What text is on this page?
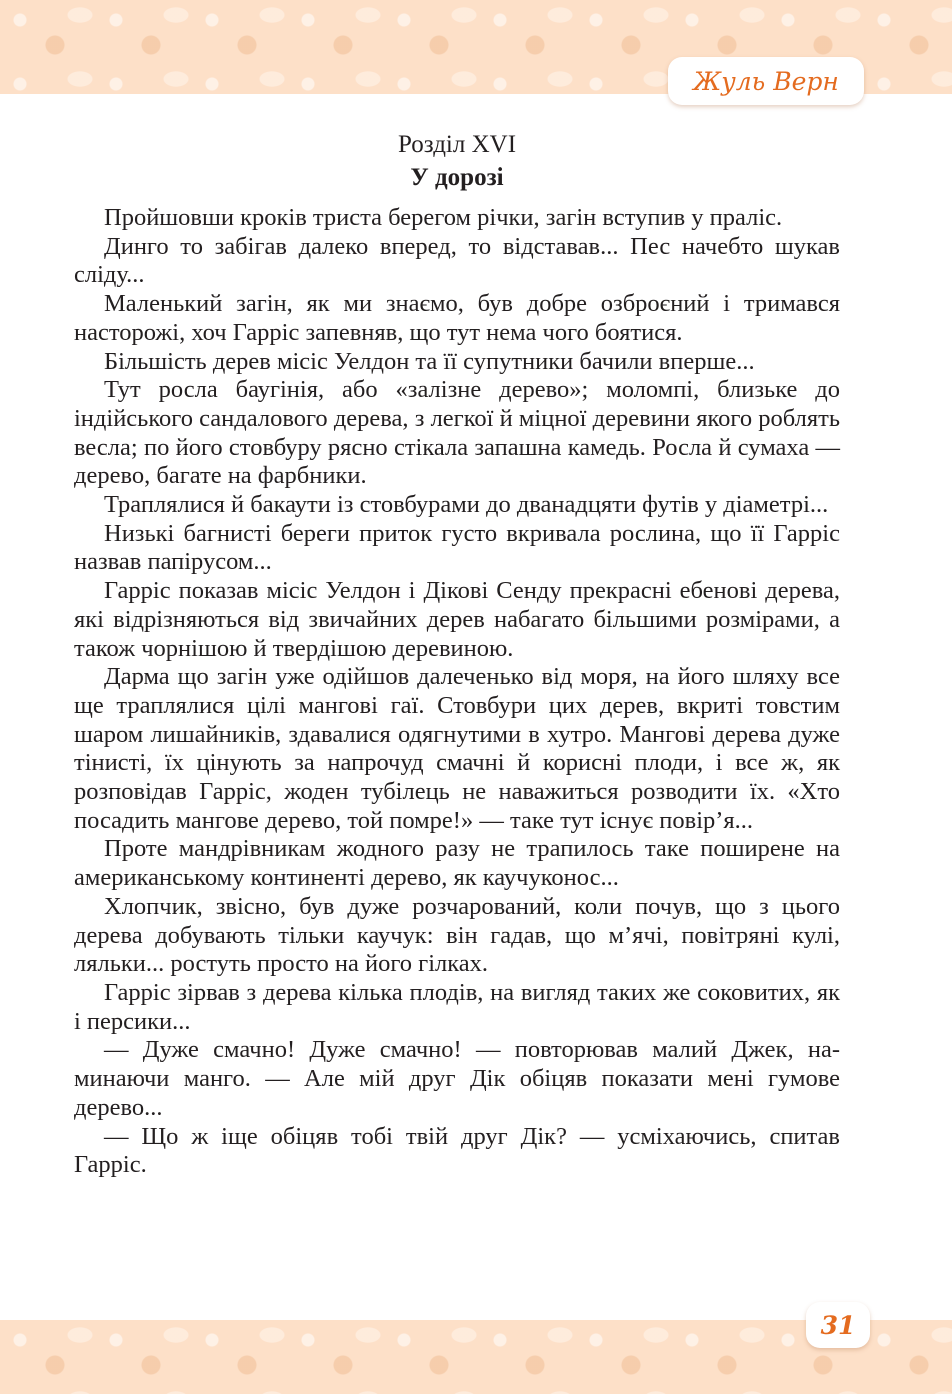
Жуль Верн

Розділ XVI

У дорозі

Пройшовши кроків триста берегом річки, загін вступив у праліс.

Динго то забігав далеко вперед, то відставав... Пес начебто шукав сліду...

Маленький загін, як ми знаємо, був добре озброєний і тримався насторожі, хоч Гарріс запевняв, що тут нема чого боятися.

Більшість дерев місіс Уелдон та її супутники бачили вперше...

Тут росла баугінія, або «залізне дерево»; моломпі, близьке до індійського сандалового дерева, з легкої й міцної деревини якого роблять весла; по його стовбуру рясно стікала запашна камедь. Росла й сумаха — дерево, багате на фарбники.

Траплялися й бакаути із стовбурами до дванадцяти футів у діаметрі...

Низькі багнисті береги приток густо вкривала рослина, що її Гарріс назвав папірусом...

Гарріс показав місіс Уелдон і Дікові Сенду прекрасні ебенові дерева, які відрізняються від звичайних дерев набагато більшими розмірами, а також чорнішою й твердішою деревиною.

Дарма що загін уже одійшов далеченько від моря, на його шляху все ще траплялися цілі мангові гаї. Стовбури цих дерев, вкриті товстим шаром лишайників, здавалися одягнутими в хутро. Мангові дерева дуже тінисті, їх цінують за напрочуд смачні й корисні плоди, і все ж, як розповідав Гарріс, жоден тубілець не наважиться розводити їх. «Хто посадить мангове дерево, той помре!» — таке тут існує повір’я...

Проте мандрівникам жодного разу не трапилось таке поширене на американському континенті дерево, як каучуконос...

Хлопчик, звісно, був дуже розчарований, коли почув, що з цього дерева добувають тільки каучук: він гадав, що м’ячі, повітряні кулі, ляльки... ростуть просто на його гілках.

Гарріс зірвав з дерева кілька плодів, на вигляд таких же соковитих, як і персики...

— Дуже смачно! Дуже смачно! — повторював малий Джек, наминаючи манго. — Але мій друг Дік обіцяв показати мені гумове дерево...

— Що ж іще обіцяв тобі твій друг Дік? — усміхаючись, спитав Гарріс.

31
